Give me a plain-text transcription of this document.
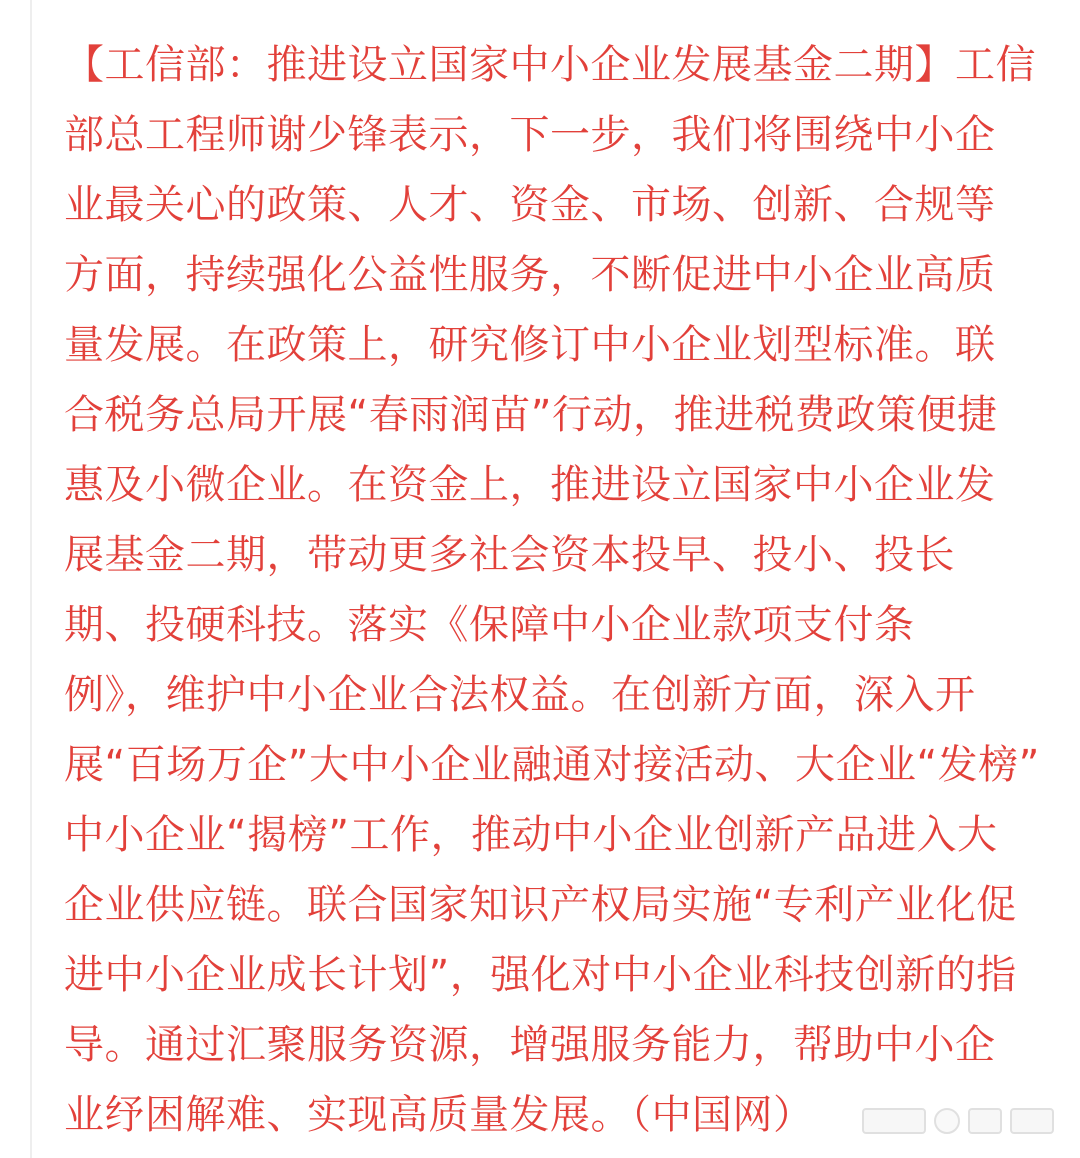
【工信部：推进设立国家中小企业发展基金二期】工信
部总工程师谢少锋表示，下一步，我们将围绕中小企
业最关心的政策、人才、资金、市场、创新、合规等
方面，持续强化公益性服务，不断促进中小企业高质
量发展。在政策上，研究修订中小企业划型标准。联
合税务总局开展“春雨润苗”行动，推进税费政策便捷
惠及小微企业。在资金上，推进设立国家中小企业发
展基金二期，带动更多社会资本投早、投小、投长
期、投硬科技。落实《保障中小企业款项支付条
例》，维护中小企业合法权益。在创新方面，深入开
展“百场万企”大中小企业融通对接活动、大企业“发榜”
中小企业“揭榜”工作，推动中小企业创新产品进入大
企业供应链。联合国家知识产权局实施“专利产业化促
进中小企业成长计划”，强化对中小企业科技创新的指
导。通过汇聚服务资源，增强服务能力，帮助中小企
业纾困解难、实现高质量发展。（中国网）
